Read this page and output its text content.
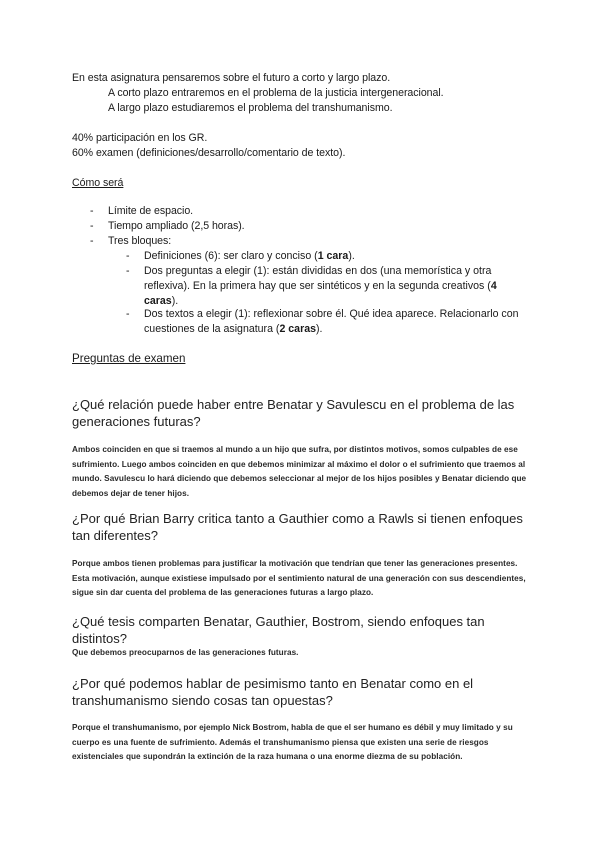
En esta asignatura pensaremos sobre el futuro a corto y largo plazo.
A corto plazo entraremos en el problema de la justicia intergeneracional.
A largo plazo estudiaremos el problema del transhumanismo.
40% participación en los GR.
60% examen (definiciones/desarrollo/comentario de texto).
Cómo será
- Límite de espacio.
- Tiempo ampliado (2,5 horas).
- Tres bloques:
- Definiciones (6): ser claro y conciso (1 cara).
- Dos preguntas a elegir (1): están divididas en dos (una memorística y otra reflexiva). En la primera hay que ser sintéticos y en la segunda creativos (4 caras).
- Dos textos a elegir (1): reflexionar sobre él. Qué idea aparece. Relacionarlo con cuestiones de la asignatura (2 caras).
Preguntas de examen
¿Qué relación puede haber entre Benatar y Savulescu en el problema de las generaciones futuras?
Ambos coinciden en que si traemos al mundo a un hijo que sufra, por distintos motivos, somos culpables de ese sufrimiento. Luego ambos coinciden en que debemos minimizar al máximo el dolor o el sufrimiento que traemos al mundo. Savulescu lo hará diciendo que debemos seleccionar al mejor de los hijos posibles y Benatar diciendo que debemos dejar de tener hijos.
¿Por qué Brian Barry critica tanto a Gauthier como a Rawls si tienen enfoques tan diferentes?
Porque ambos tienen problemas para justificar la motivación que tendrían que tener las generaciones presentes. Esta motivación, aunque existiese impulsado por el sentimiento natural de una generación con sus descendientes, sigue sin dar cuenta del problema de las generaciones futuras a largo plazo.
¿Qué tesis comparten Benatar, Gauthier, Bostrom, siendo enfoques tan distintos?
Que debemos preocuparnos de las generaciones futuras.
¿Por qué podemos hablar de pesimismo tanto en Benatar como en el transhumanismo siendo cosas tan opuestas?
Porque el transhumanismo, por ejemplo Nick Bostrom, habla de que el ser humano es débil y muy limitado y su cuerpo es una fuente de sufrimiento. Además el transhumanismo piensa que existen una serie de riesgos existenciales que supondrán la extinción de la raza humana o una enorme diezma de su población.
